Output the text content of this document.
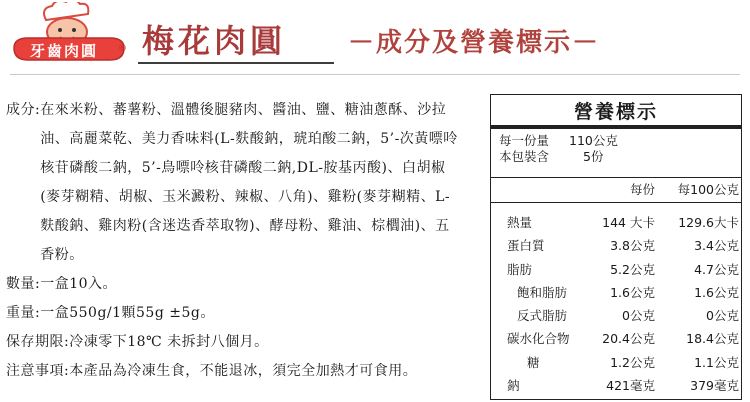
牙齒肉圓 ® 梅花肉圓 －成分及營養標示－
成分: 在來米粉、蕃薯粉、溫體後腿豬肉、醬油、鹽、糖油蔥酥、沙拉油、高麗菜乾、美力香味料(L-麩酸鈉，琥珀酸二鈉，5’-次黃嘌呤核苷磷酸二鈉，5’-鳥嘌呤核苷磷酸二鈉,DL-胺基丙酸)、白胡椒(麥芽糊精、胡椒、玉米澱粉、辣椒、八角)、雞粉(麥芽糊精、L-麩酸鈉、雞肉粉(含迷迭香萃取物)、酵母粉、雞油、棕櫚油)、五香粉。
數量: 一盒10入。
重量: 一盒550g/1顆55g ±5g。
保存期限: 冷凍零下18℃ 未拆封八個月。
注意事項: 本產品為冷凍生食，不能退冰，須完全加熱才可食用。
營養標示
每一份量	110公克
本包裝含	5份
每份 每100公克
熱量	144 大卡 129.6大卡
蛋白質	3.8公克	3.4公克
脂肪	5.2公克	4.7公克
飽和脂肪	1.6公克	1.6公克
反式脂肪	0公克	0公克
碳水化合物	20.4公克 18.4公克
糖	1.2公克	1.1公克
鈉	421毫克	379毫克
